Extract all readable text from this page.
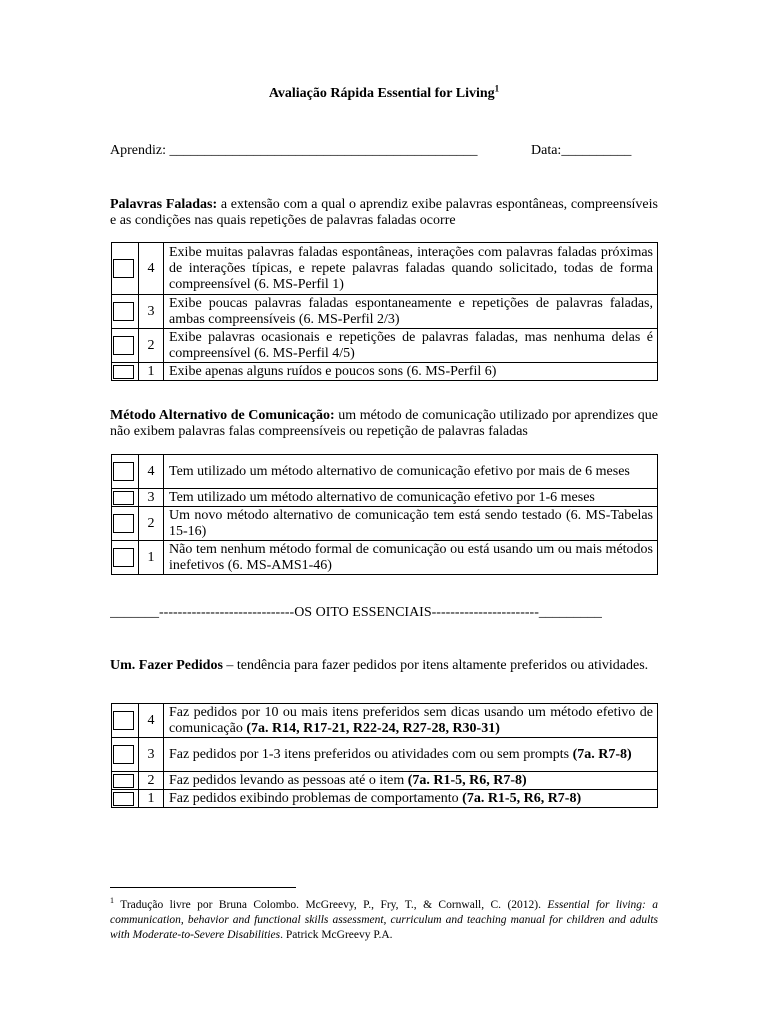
Avaliação Rápida Essential for Living$^1$
Aprendiz: ____________________________________________	Data:__________
Palavras Faladas: a extensão com a qual o aprendiz exibe palavras espontâneas, compreensíveis e as condições nas quais repetições de palavras faladas ocorre
	4	Exibe muitas palavras faladas espontâneas, interações com palavras faladas próximas de interações típicas, e repete palavras faladas quando solicitado, todas de forma compreensível (6. MS-Perfil 1)

	3	Exibe poucas palavras faladas espontaneamente e repetições de palavras faladas, ambas compreensíveis (6. MS-Perfil 2/3)

	2	Exibe palavras ocasionais e repetições de palavras faladas, mas nenhuma delas é compreensível (6. MS-Perfil 4/5)

	1	Exibe apenas alguns ruídos e poucos sons (6. MS-Perfil 6)
Método Alternativo de Comunicação: um método de comunicação utilizado por aprendizes que não exibem palavras falas compreensíveis ou repetição de palavras faladas
	4	Tem utilizado um método alternativo de comunicação efetivo por mais de 6 meses

	3	Tem utilizado um método alternativo de comunicação efetivo por 1-6 meses

	2	Um novo método alternativo de comunicação tem está sendo testado (6. MS-Tabelas 15-16)

	1	Não tem nenhum método formal de comunicação ou está usando um ou mais métodos inefetivos (6. MS-AMS1-46)
_______-----------------------------OS OITO ESSENCIAIS-----------------------_________
Um. Fazer Pedidos – tendência para fazer pedidos por itens altamente preferidos ou atividades.
	4	Faz pedidos por 10 ou mais itens preferidos sem dicas usando um método efetivo de comunicação (7a. R14, R17-21, R22-24, R27-28, R30-31)

	3	Faz pedidos por 1-3 itens preferidos ou atividades com ou sem prompts (7a. R7-8)

	2	Faz pedidos levando as pessoas até o item (7a. R1-5, R6, R7-8)

	1	Faz pedidos exibindo problemas de comportamento (7a. R1-5, R6, R7-8)
$^1$ Tradução livre por Bruna Colombo. McGreevy, P., Fry, T., & Cornwall, C. (2012). Essential for living: a communication, behavior and functional skills assessment, curriculum and teaching manual for children and adults with Moderate-to-Severe Disabilities. Patrick McGreevy P.A.
